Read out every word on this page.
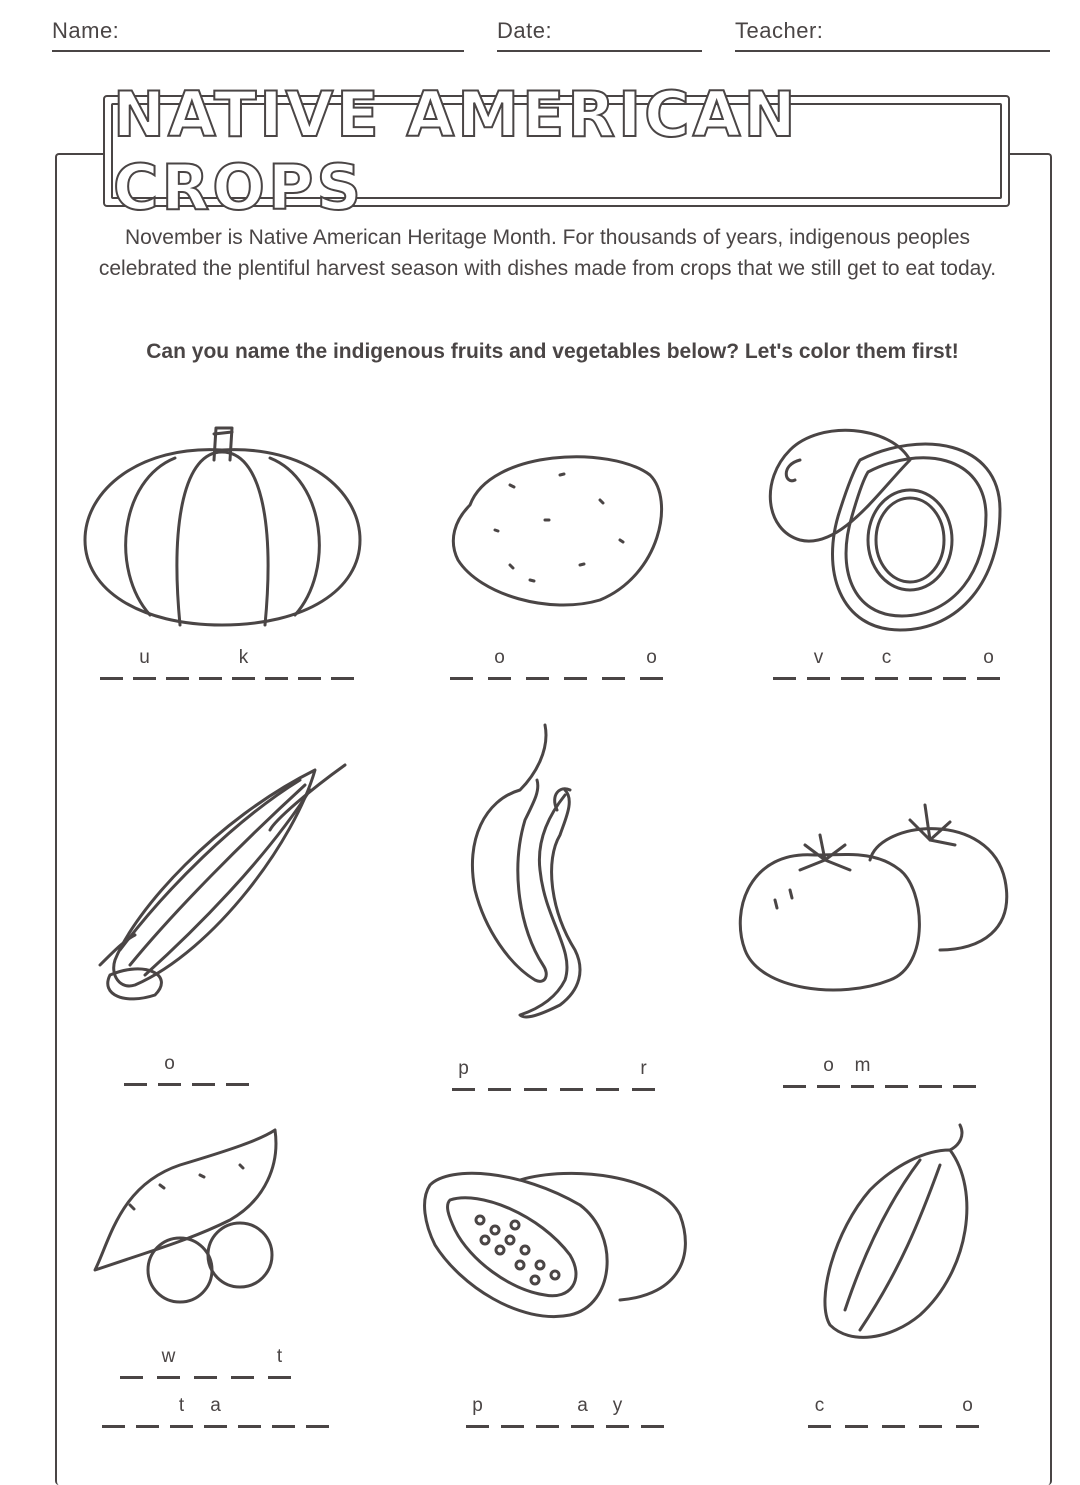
Name:	Date:	Teacher:
NATIVE AMERICAN CROPS
November is Native American Heritage Month. For thousands of years, indigenous peoples celebrated the plentiful harvest season with dishes made from crops that we still get to eat today.
Can you name the indigenous fruits and vegetables below? Let's color them first!
u	k	o	o	v	c	o
o	p	r	o	m
w	t
t	a	p	a	y	c	o
